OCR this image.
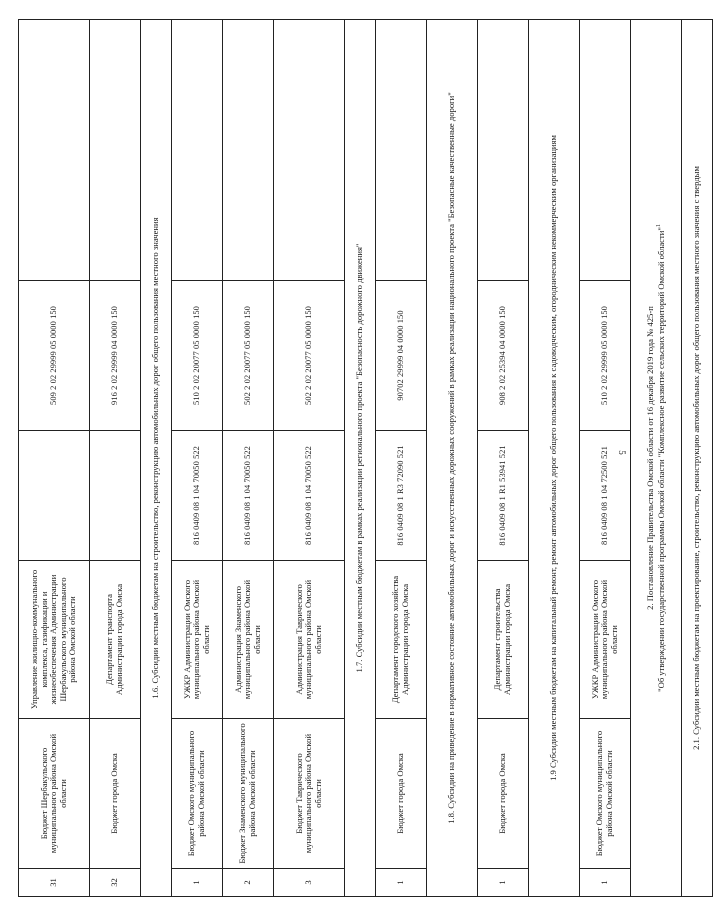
31	Бюджет Шербакульского муниципального района Омской области	Управление жилищно-коммунального комплекса, газификации и жизнеобеспечения Администрации Шербакульского муниципального района Омской области		509 2 02 29999 05 0000 150	
32	Бюджет города Омска	Департамент транспорта Администрации города Омска		916 2 02 29999 04 0000 150	
1.6. Субсидии местным бюджетам на строительство, реконструкцию автомобильных дорог общего пользования местного значения					
1	Бюджет Омского муниципального района Омской области	УЖКР Администрации Омского муниципального района Омской области	816 0409 08 1 04 70050 522	510 2 02 20077 05 0000 150	
2	Бюджет Знаменского муниципального района Омской области	Администрация Знаменского муниципального района Омской области	816 0409 08 1 04 70050 522	502 2 02 20077 05 0000 150	
3	Бюджет Таврического муниципального района Омской области	Администрация Таврического муниципального района Омской области	816 0409 08 1 04 70050 522	502 2 02 20077 05 0000 150	
1.7. Субсидии местным бюджетам в рамках реализации регионального проекта "Безопасность дорожного движения"					
1	Бюджет города Омска	Департамент городского хозяйства Администрации города Омска	816 0409 08 1 R3 72090 521	90702 29999 04 0000 150	
1.8. Субсидии на приведение в нормативное состояние автомобильных дорог и искусственных дорожных сооружений в рамках реализации национального проекта "Безопасные качественные дороги"					
1	Бюджет города Омска	Департамент строительства Администрации города Омска	816 0409 08 1 R1 53941 521	908 2 02 25394 04 0000 150	
1.9 Субсидии местным бюджетам на капитальный ремонт, ремонт автомобильных дорог общего пользования к садоводческим, огородническим некоммерческим организациям					
1	Бюджет Омского муниципального района Омской области	УЖКР Администрации Омского муниципального района Омской области	816 0409 08 1 04 72500 521	510 2 02 29999 05 0000 150	

2. Постановление Правительства Омской области от 16 декабря 2019 года № 425-п "Об утверждении государственной программы Омской области "Комплексное развитие сельских территорий Омской области"$^1$

2.1. Субсидии местным бюджетам на проектирование, строительство, реконструкцию автомобильных дорог общего пользования местного значения с твердым					
5
